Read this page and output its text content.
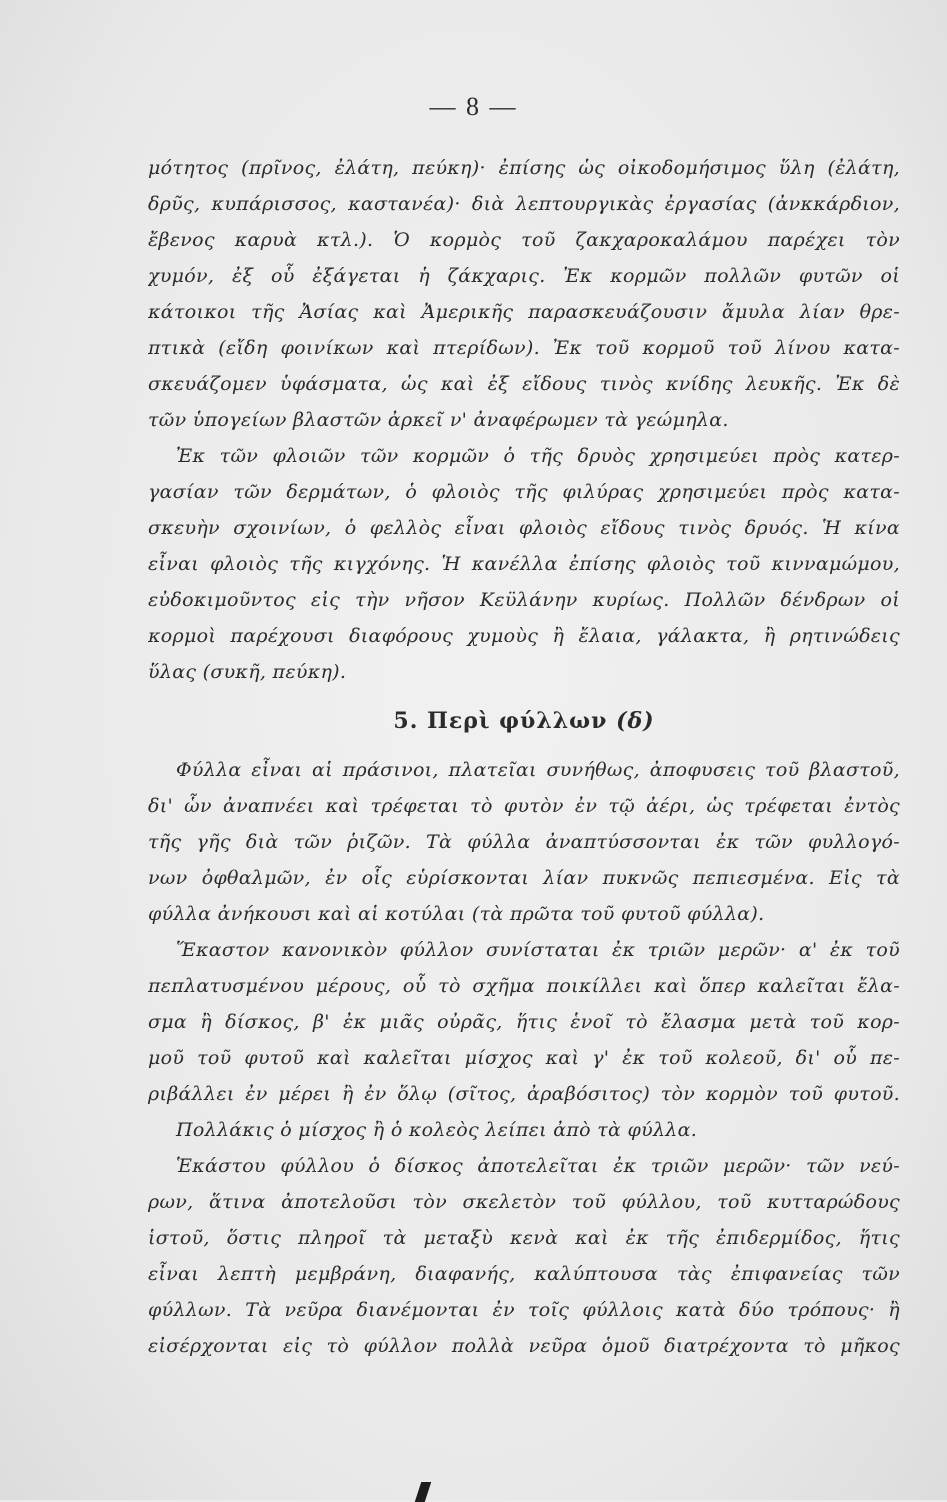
— 8 —
μότητος (πρῖνος, ἐλάτη, πεύκη)· ἐπίσης ὡς οἰκοδομήσιμος ὕλη (ἐλάτη,
δρῦς, κυπάρισσος, καστανέα)· διὰ λεπτουργικὰς ἐργασίας (ἀνκκάρδιον,
ἔβενος καρυὰ κτλ.). Ὁ κορμὸς τοῦ ζακχαροκαλάμου παρέχει τὸν
χυμόν, ἐξ οὗ ἐξάγεται ἡ ζάκχαρις. Ἐκ κορμῶν πολλῶν φυτῶν οἱ
κάτοικοι τῆς Ἀσίας καὶ Ἀμερικῆς παρασκευάζουσιν ἄμυλα λίαν θρε-
πτικὰ (εἴδη φοινίκων καὶ πτερίδων). Ἐκ τοῦ κορμοῦ τοῦ λίνου κατα-
σκευάζομεν ὑφάσματα, ὡς καὶ ἐξ εἴδους τινὸς κνίδης λευκῆς. Ἐκ δὲ
τῶν ὑπογείων βλαστῶν ἀρκεῖ ν' ἀναφέρωμεν τὰ γεώμηλα.
Ἐκ τῶν φλοιῶν τῶν κορμῶν ὁ τῆς δρυὸς χρησιμεύει πρὸς κατερ-
γασίαν τῶν δερμάτων, ὁ φλοιὸς τῆς φιλύρας χρησιμεύει πρὸς κατα-
σκευὴν σχοινίων, ὁ φελλὸς εἶναι φλοιὸς εἴδους τινὸς δρυός. Ἡ κίνα
εἶναι φλοιὸς τῆς κιγχόνης. Ἡ κανέλλα ἐπίσης φλοιὸς τοῦ κινναμώμου,
εὐδοκιμοῦντος εἰς τὴν νῆσον Κεϋλάνην κυρίως. Πολλῶν δένδρων οἱ
κορμοὶ παρέχουσι διαφόρους χυμοὺς ἢ ἔλαια, γάλακτα, ἢ ρητινώδεις
ὕλας (συκῆ, πεύκη).
5. Περὶ φύλλων (δ)
Φύλλα εἶναι αἱ πράσινοι, πλατεῖαι συνήθως, ἀποφυσεις τοῦ βλαστοῦ,
δι' ὧν ἀναπνέει καὶ τρέφεται τὸ φυτὸν ἐν τῷ ἀέρι, ὡς τρέφεται ἐντὸς
τῆς γῆς διὰ τῶν ῥιζῶν. Τὰ φύλλα ἀναπτύσσονται ἐκ τῶν φυλλογό-
νων ὀφθαλμῶν, ἐν οἷς εὑρίσκονται λίαν πυκνῶς πεπιεσμένα. Εἰς τὰ
φύλλα ἀνήκουσι καὶ αἱ κοτύλαι (τὰ πρῶτα τοῦ φυτοῦ φύλλα).
Ἕκαστον κανονικὸν φύλλον συνίσταται ἐκ τριῶν μερῶν· α' ἐκ τοῦ
πεπλατυσμένου μέρους, οὗ τὸ σχῆμα ποικίλλει καὶ ὅπερ καλεῖται ἔλα-
σμα ἢ δίσκος, β' ἐκ μιᾶς οὐρᾶς, ἥτις ἑνοῖ τὸ ἔλασμα μετὰ τοῦ κορ-
μοῦ τοῦ φυτοῦ καὶ καλεῖται μίσχος καὶ γ' ἐκ τοῦ κολεοῦ, δι' οὗ πε-
ριβάλλει ἐν μέρει ἢ ἐν ὅλῳ (σῖτος, ἀραβόσιτος) τὸν κορμὸν τοῦ φυτοῦ.
Πολλάκις ὁ μίσχος ἢ ὁ κολεὸς λείπει ἀπὸ τὰ φύλλα.
Ἑκάστου φύλλου ὁ δίσκος ἀποτελεῖται ἐκ τριῶν μερῶν· τῶν νεύ-
ρων, ἅτινα ἀποτελοῦσι τὸν σκελετὸν τοῦ φύλλου, τοῦ κυτταρώδους
ἱστοῦ, ὅστις πληροῖ τὰ μεταξὺ κενὰ καὶ ἐκ τῆς ἐπιδερμίδος, ἥτις
εἶναι λεπτὴ μεμβράνη, διαφανής, καλύπτουσα τὰς ἐπιφανείας τῶν
φύλλων. Τὰ νεῦρα διανέμονται ἐν τοῖς φύλλοις κατὰ δύο τρόπους· ἢ
εἰσέρχονται εἰς τὸ φύλλον πολλὰ νεῦρα ὁμοῦ διατρέχοντα τὸ μῆκος
